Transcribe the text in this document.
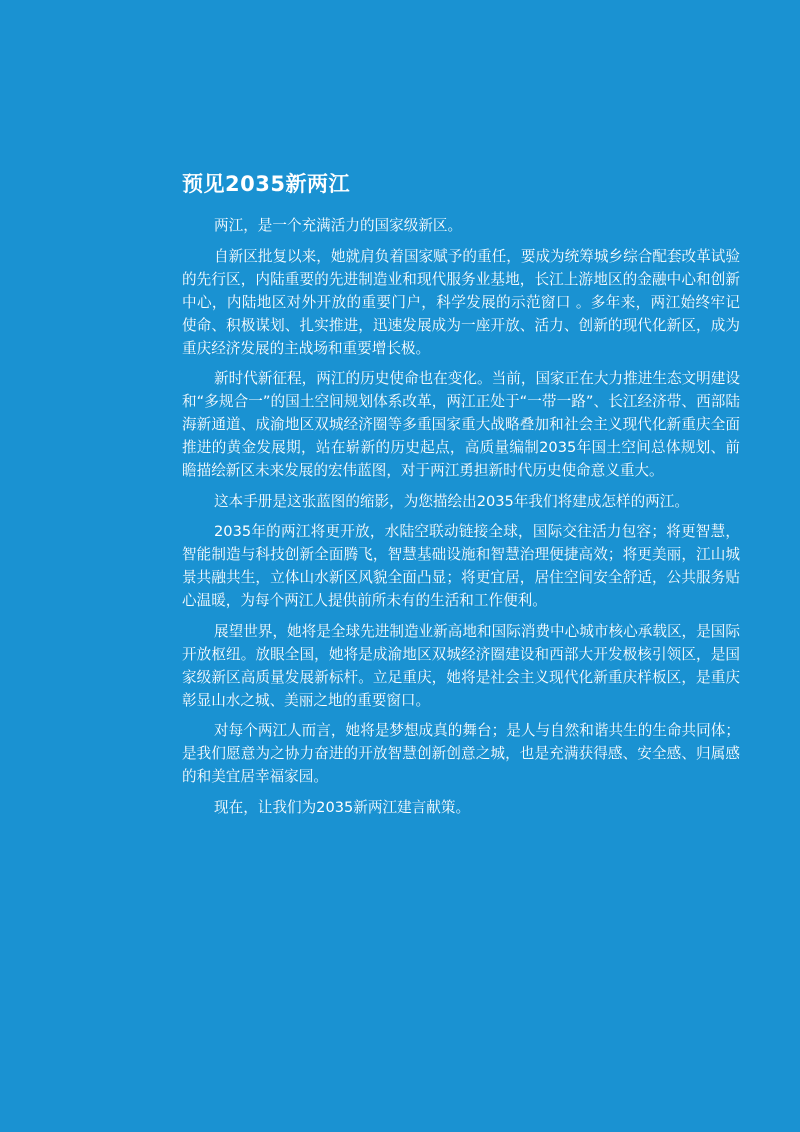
预见2035新两江

两江，是一个充满活力的国家级新区。

自新区批复以来，她就肩负着国家赋予的重任，要成为统筹城乡综合配套改革试验的先行区，内陆重要的先进制造业和现代服务业基地，长江上游地区的金融中心和创新中心，内陆地区对外开放的重要门户，科学发展的示范窗口 。多年来，两江始终牢记使命、积极谋划、扎实推进，迅速发展成为一座开放、活力、创新的现代化新区，成为重庆经济发展的主战场和重要增长极。

新时代新征程，两江的历史使命也在变化。当前，国家正在大力推进生态文明建设和“多规合一”的国土空间规划体系改革，两江正处于“一带一路”、长江经济带、西部陆海新通道、成渝地区双城经济圈等多重国家重大战略叠加和社会主义现代化新重庆全面推进的黄金发展期，站在崭新的历史起点，高质量编制2035年国土空间总体规划、前瞻描绘新区未来发展的宏伟蓝图，对于两江勇担新时代历史使命意义重大。

这本手册是这张蓝图的缩影，为您描绘出2035年我们将建成怎样的两江。

2035年的两江将更开放，水陆空联动链接全球，国际交往活力包容；将更智慧，智能制造与科技创新全面腾飞，智慧基础设施和智慧治理便捷高效；将更美丽，江山城景共融共生，立体山水新区风貌全面凸显；将更宜居，居住空间安全舒适，公共服务贴心温暖，为每个两江人提供前所未有的生活和工作便利。

展望世界，她将是全球先进制造业新高地和国际消费中心城市核心承载区，是国际开放枢纽。放眼全国，她将是成渝地区双城经济圈建设和西部大开发极核引领区，是国家级新区高质量发展新标杆。立足重庆，她将是社会主义现代化新重庆样板区，是重庆彰显山水之城、美丽之地的重要窗口。

对每个两江人而言，她将是梦想成真的舞台；是人与自然和谐共生的生命共同体；是我们愿意为之协力奋进的开放智慧创新创意之城，也是充满获得感、安全感、归属感的和美宜居幸福家园。

现在，让我们为2035新两江建言献策。
